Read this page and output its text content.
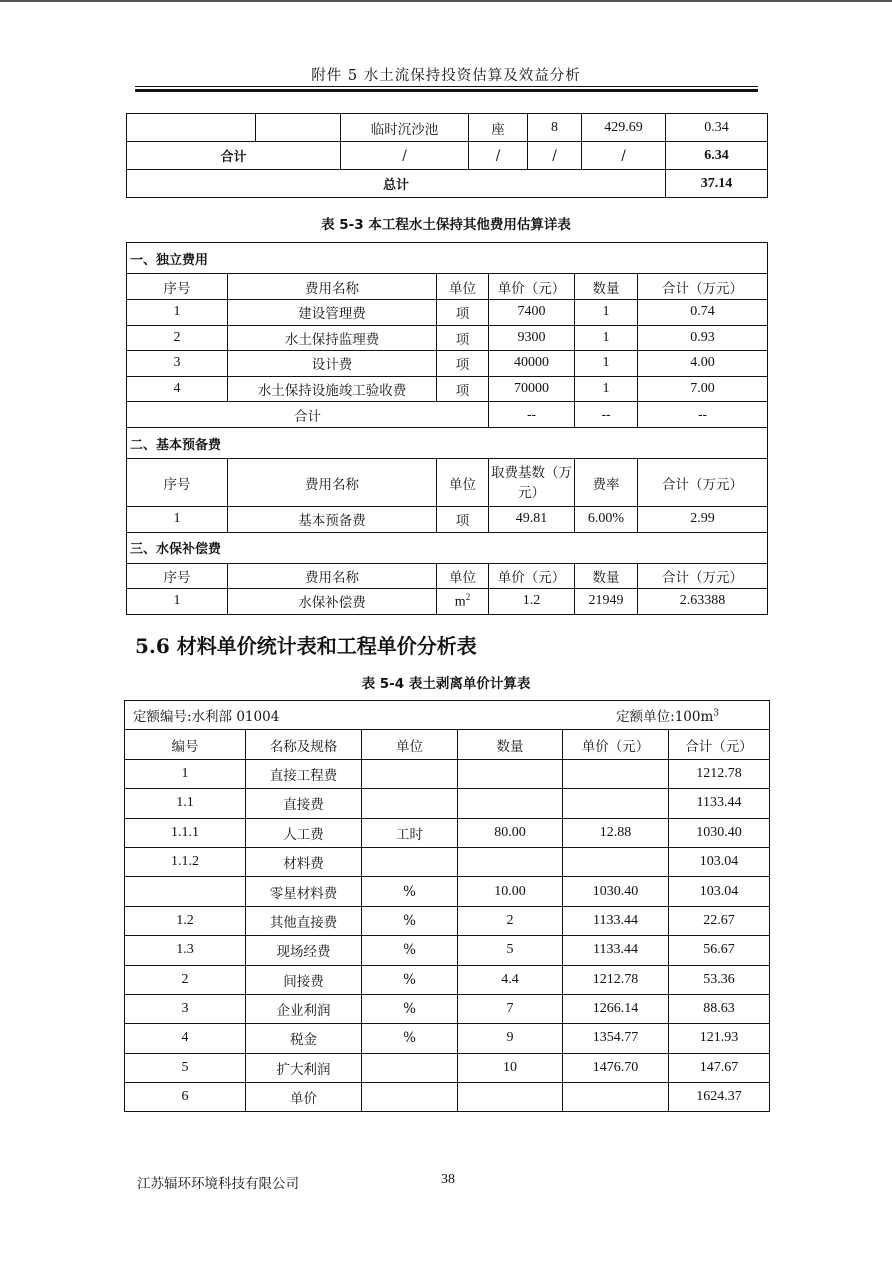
附件 5 水土流保持投资估算及效益分析
		临时沉沙池	座	8	429.69	0.34
合计		/	/	/	/	6.34
总计						37.14
表 5-3 本工程水土保持其他费用估算详表
一、独立费用						
序号	费用名称	单位	单价（元）	数量	合计（万元）	
1	建设管理费	项	7400	1	0.74	
2	水土保持监理费	项	9300	1	0.93	
3	设计费	项	40000	1	4.00	
4	水土保持设施竣工验收费	项	70000	1	7.00	
合计			--	--	--	
二、基本预备费						
序号	费用名称	单位	取费基数（万元）	费率	合计（万元）	
1	基本预备费	项	49.81	6.00%	2.99	
三、水保补偿费						
序号	费用名称	单位	单价（元）	数量	合计（万元）	
1	水保补偿费	$m^2$	1.2	21949	2.63388	
5.6 材料单价统计表和工程单价分析表
表 5-4 表土剥离单价计算表
定额编号:水利部 01004 定额单位$:100m^3$

编号	名称及规格	单位	数量	单价（元）	合计（元）
1	直接工程费				1212.78
1.1	直接费				1133.44
1.1.1	人工费	工时	80.00	12.88	1030.40
1.1.2	材料费				103.04
	零星材料费	%	10.00	1030.40	103.04
1.2	其他直接费	%	2	1133.44	22.67
1.3	现场经费	%	5	1133.44	56.67
2	间接费	%	4.4	1212.78	53.36
3	企业利润	%	7	1266.14	88.63
4	税金	%	9	1354.77	121.93
5	扩大利润		10	1476.70	147.67
6	单价				1624.37
江苏辐环环境科技有限公司	38
